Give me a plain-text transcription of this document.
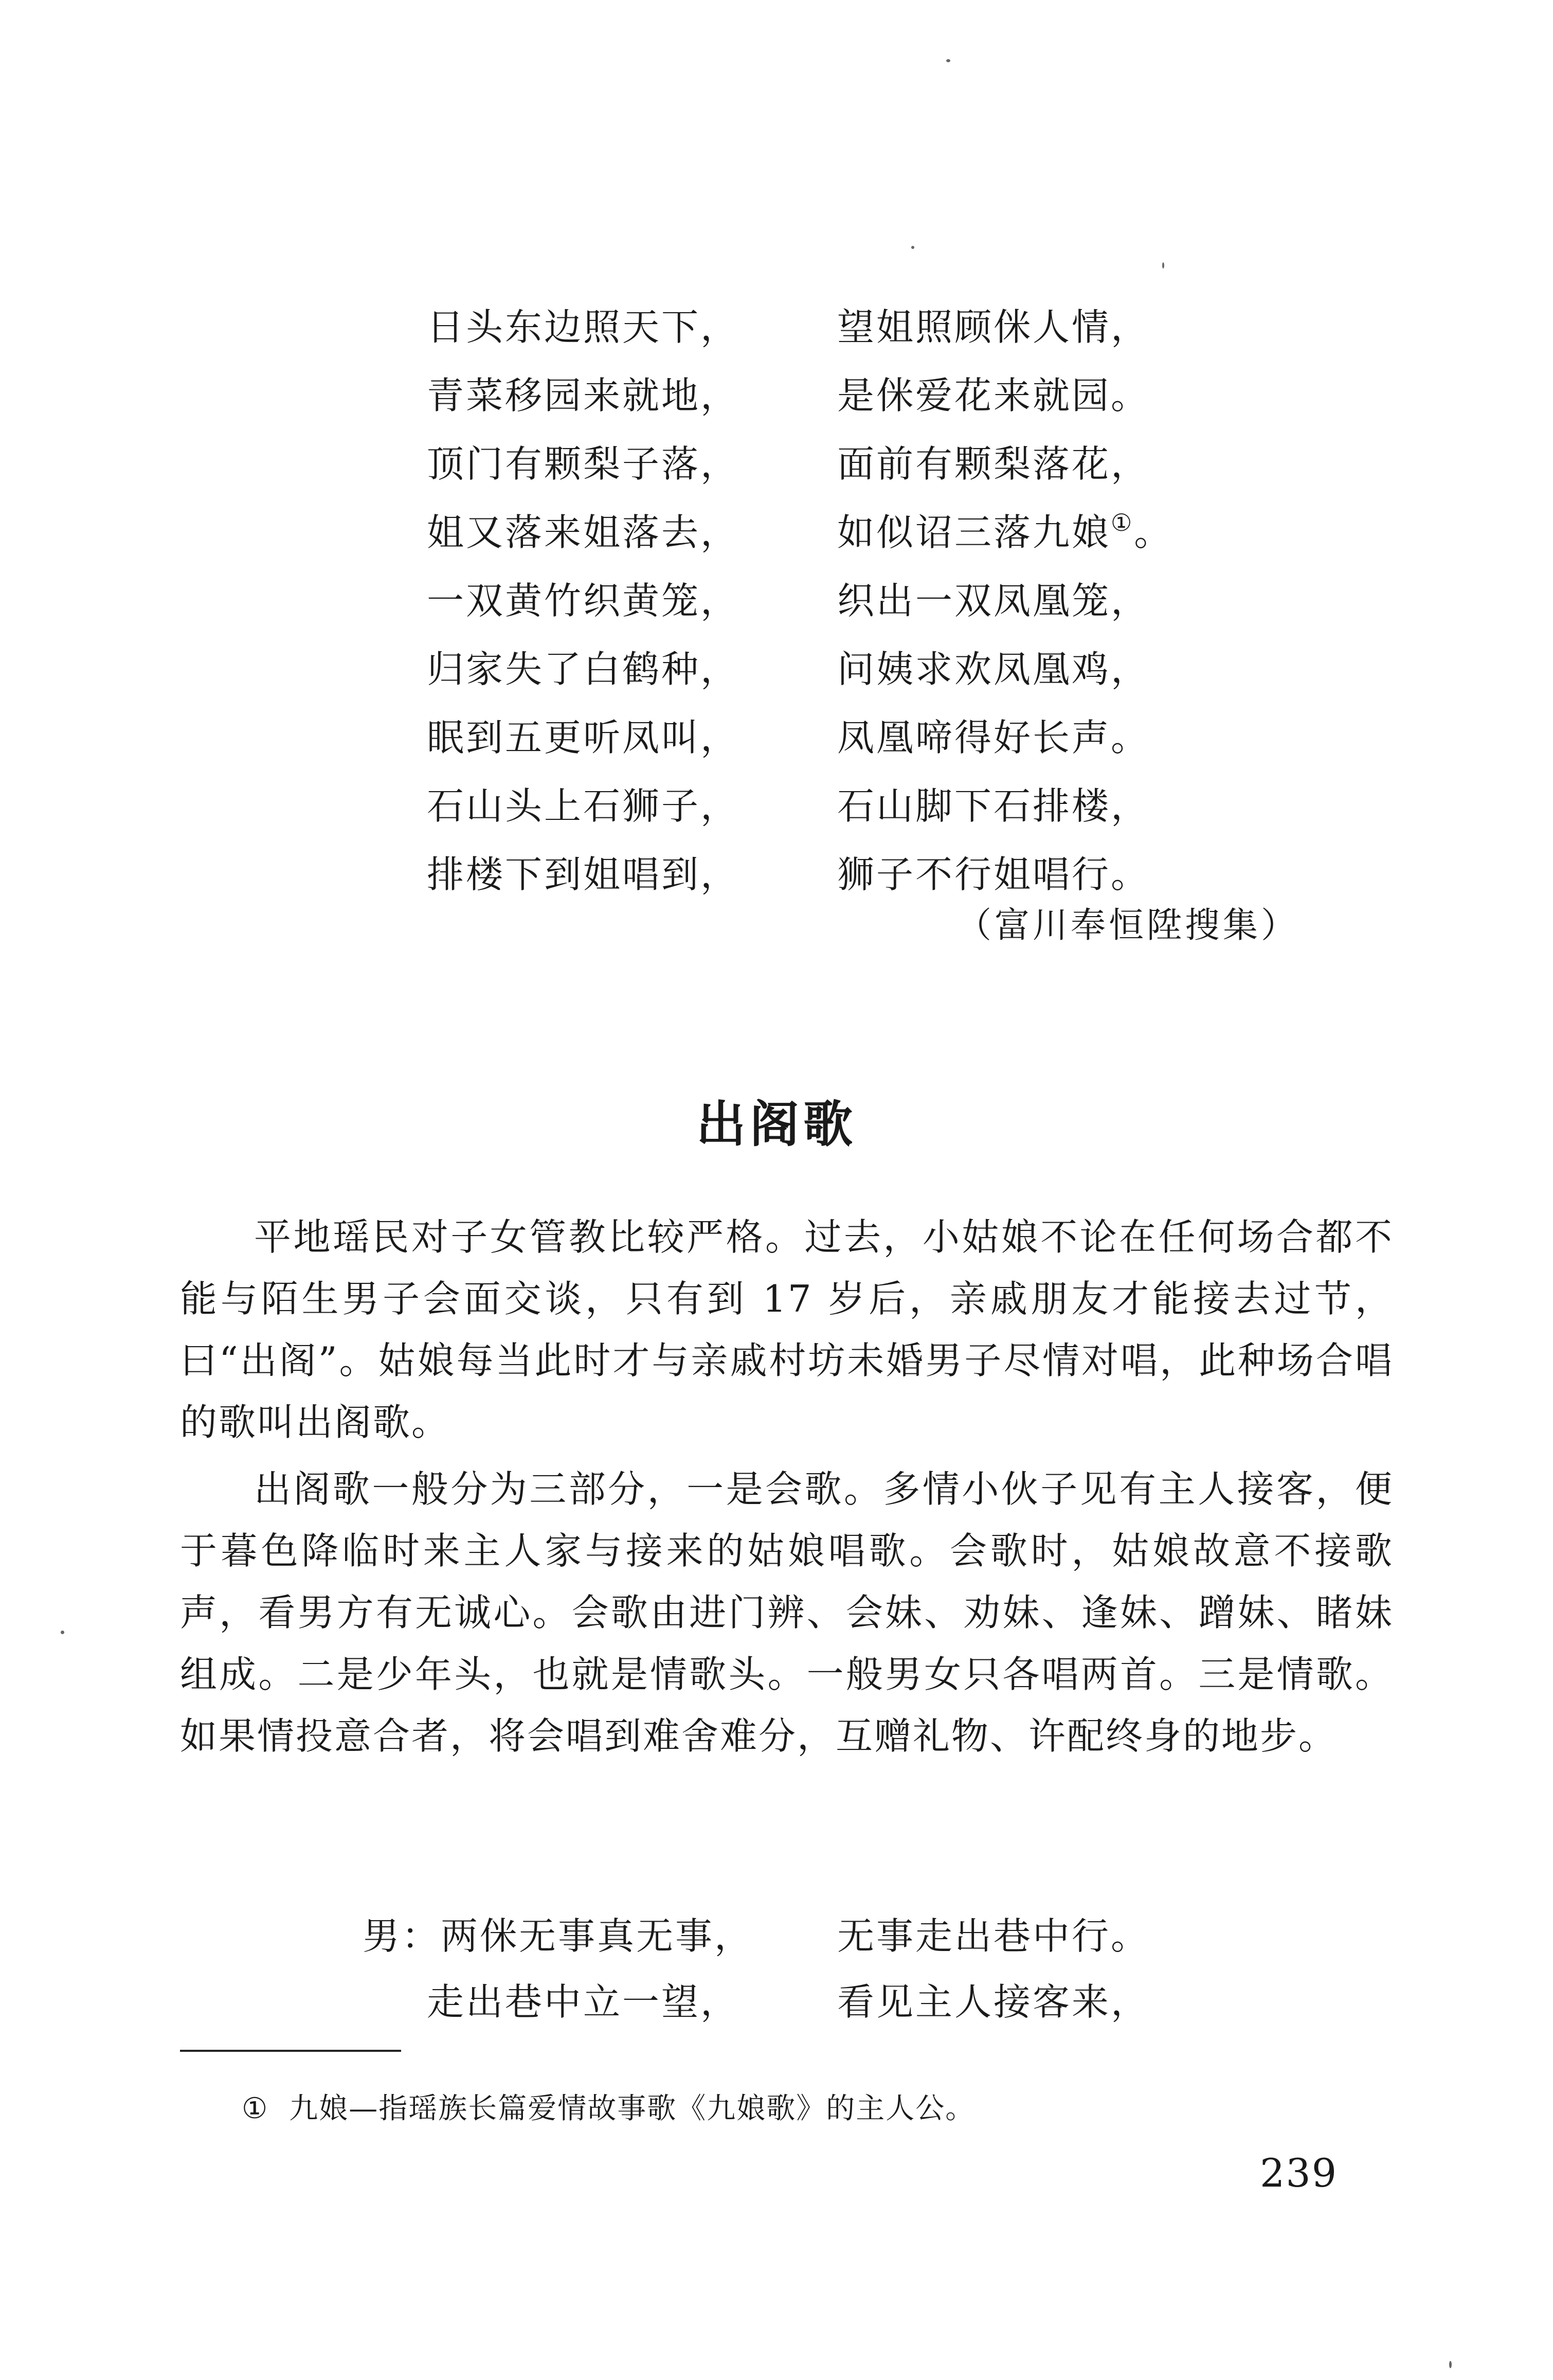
日头东边照天下，	望姐照顾侎人情，
青菜移园来就地，	是侎爱花来就园。
顶门有颗梨子落，	面前有颗梨落花，
姐又落来姐落去，	如似诏三落九娘①。
一双黄竹织黄笼，	织出一双凤凰笼，
归家失了白鹤种，	问姨求欢凤凰鸡，
眠到五更听凤叫，	凤凰啼得好长声。
石山头上石狮子，	石山脚下石排楼，
排楼下到姐唱到，	狮子不行姐唱行。
（富川奉恒陞搜集）
出阁歌

平地瑶民对子女管教比较严格。过去，小姑娘不论在任何场合都不能与陌生男子会面交谈，只有到 17 岁后，亲戚朋友才能接去过节，曰“出阁”。姑娘每当此时才与亲戚村坊未婚男子尽情对唱，此种场合唱的歌叫出阁歌。

出阁歌一般分为三部分，一是会歌。多情小伙子见有主人接客，便于暮色降临时来主人家与接来的姑娘唱歌。会歌时，姑娘故意不接歌声，看男方有无诚心。会歌由进门辨、会妹、劝妹、逢妹、蹭妹、睹妹组成。二是少年头，也就是情歌头。一般男女只各唱两首。三是情歌。如果情投意合者，将会唱到难舍难分，互赠礼物、许配终身的地步。

男：两侎无事真无事， 无事走出巷中行。
走出巷中立一望，	看见主人接客来，
① 九娘—指瑶族长篇爱情故事歌《九娘歌》的主人公。
239
